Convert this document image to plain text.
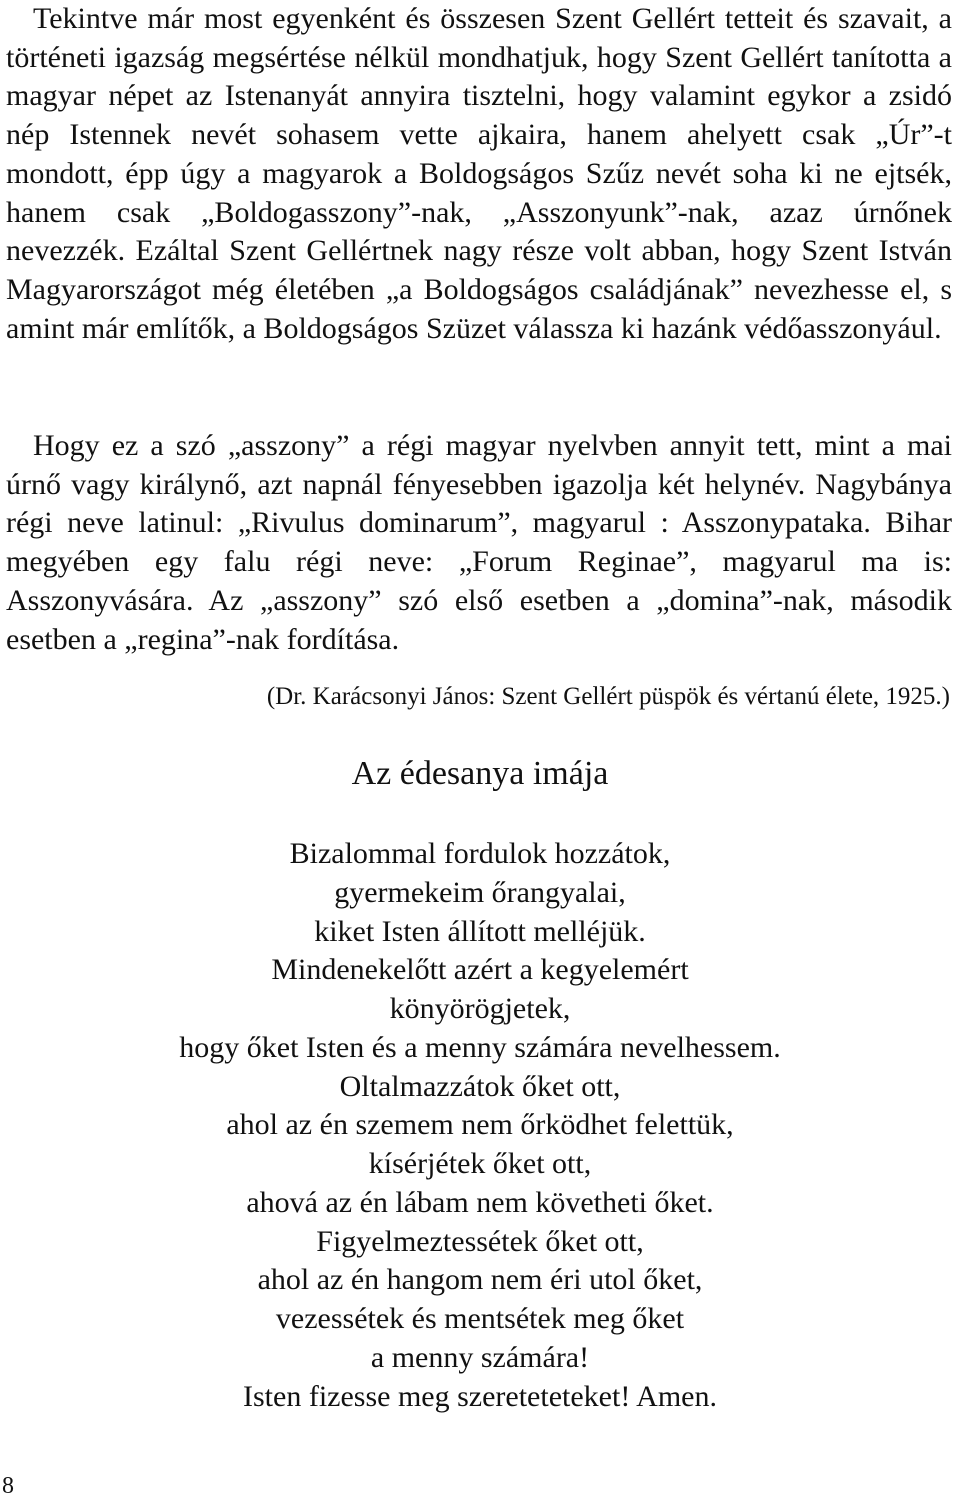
Tekintve már most egyenként és összesen Szent Gellért tetteit és szavait, a történeti igazság megsértése nélkül mondhatjuk, hogy Szent Gellért tanította a magyar népet az Istenanyát annyira tisztelni, hogy valamint egykor a zsidó nép Istennek nevét sohasem vette ajkaira, hanem ahelyett csak „Úr”-t mondott, épp úgy a magyarok a Boldogságos Szűz nevét soha ki ne ejtsék, hanem csak „Boldogasszony”-nak, „Asszonyunk”-nak, azaz úrnőnek nevezzék. Ezáltal Szent Gellértnek nagy része volt abban, hogy Szent István Magyarországot még életében „a Boldogságos családjának” nevezhesse el, s amint már említők, a Boldogságos Szüzet válassza ki hazánk védőasszonyául.

Hogy ez a szó „asszony” a régi magyar nyelvben annyit tett, mint a mai úrnő vagy királynő, azt napnál fényesebben igazolja két helynév. Nagybánya régi neve latinul: „Rivulus dominarum”, magyarul : Asszonypataka. Bihar megyében egy falu régi neve: „Forum Reginae”, magyarul ma is: Asszonyvására. Az „asszony” szó első esetben a „domina”-nak, második esetben a „regina”-nak fordítása.

(Dr. Karácsonyi János: Szent Gellért püspök és vértanú élete, 1925.)
Az édesanya imája
Bizalommal fordulok hozzátok,
gyermekeim őrangyalai,
kiket Isten állított melléjük.
Mindenekelőtt azért a kegyelemért
könyörögjetek,
hogy őket Isten és a menny számára nevelhessem.
Oltalmazzátok őket ott,
ahol az én szemem nem őrködhet felettük,
kísérjétek őket ott,
ahová az én lábam nem követheti őket.
Figyelmeztessétek őket ott,
ahol az én hangom nem éri utol őket,
vezessétek és mentsétek meg őket
a menny számára!
Isten fizesse meg szereteteteket! Amen.
8
